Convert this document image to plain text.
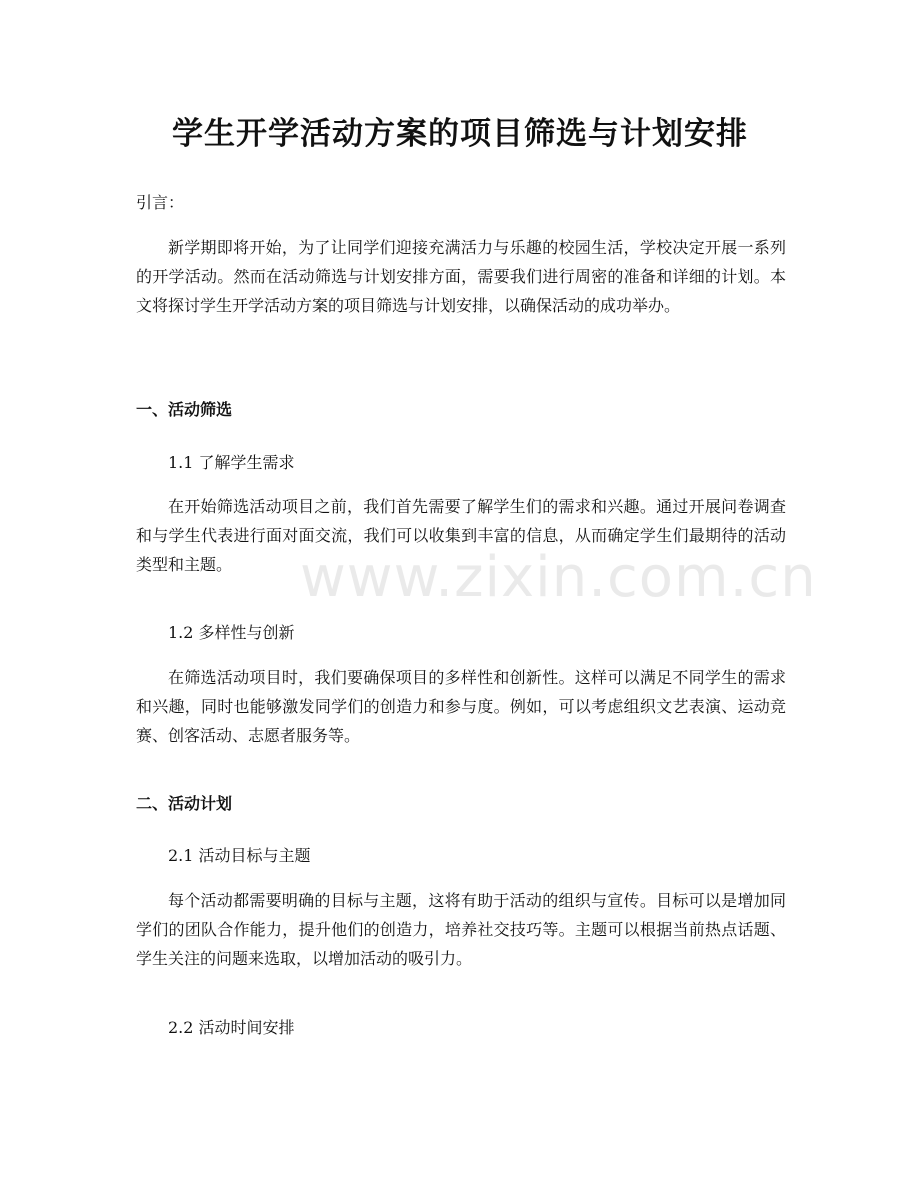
学生开学活动方案的项目筛选与计划安排

引言：

新学期即将开始，为了让同学们迎接充满活力与乐趣的校园生活，学校决定开展一系列的开学活动。然而在活动筛选与计划安排方面，需要我们进行周密的准备和详细的计划。本文将探讨学生开学活动方案的项目筛选与计划安排，以确保活动的成功举办。

一、活动筛选

1.1 了解学生需求

在开始筛选活动项目之前，我们首先需要了解学生们的需求和兴趣。通过开展问卷调查和与学生代表进行面对面交流，我们可以收集到丰富的信息，从而确定学生们最期待的活动类型和主题。

1.2 多样性与创新

在筛选活动项目时，我们要确保项目的多样性和创新性。这样可以满足不同学生的需求和兴趣，同时也能够激发同学们的创造力和参与度。例如，可以考虑组织文艺表演、运动竞赛、创客活动、志愿者服务等。

二、活动计划

2.1 活动目标与主题

每个活动都需要明确的目标与主题，这将有助于活动的组织与宣传。目标可以是增加同学们的团队合作能力，提升他们的创造力，培养社交技巧等。主题可以根据当前热点话题、学生关注的问题来选取，以增加活动的吸引力。

2.2 活动时间安排

www.zixin.com.cn
